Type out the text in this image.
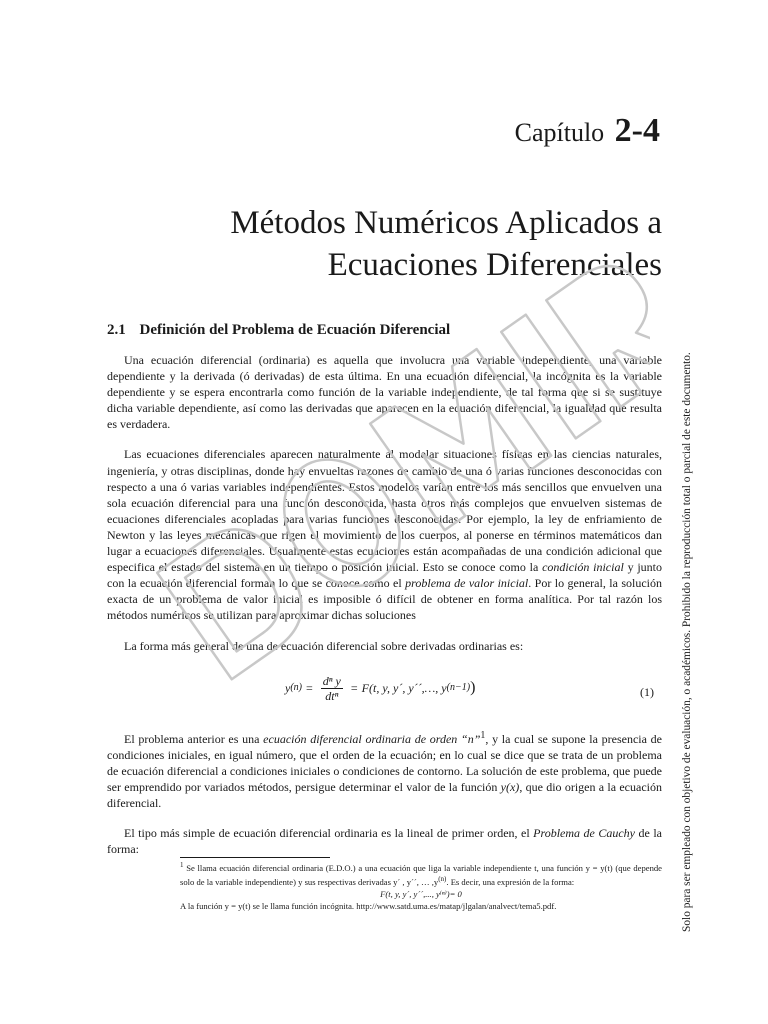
Capítulo 2-4
Métodos Numéricos Aplicados a
Ecuaciones Diferenciales
2.1 Definición del Problema de Ecuación Diferencial

Una ecuación diferencial (ordinaria) es aquella que involucra una variable independiente, una variable dependiente y la derivada (ó derivadas) de esta última. En una ecuación diferencial, la incógnita es la variable dependiente y se espera encontrarla como función de la variable independiente, de tal forma que si se sustituye dicha variable dependiente, así como las derivadas que aparecen en la ecuación diferencial, la igualdad que resulta es verdadera.

Las ecuaciones diferenciales aparecen naturalmente al modelar situaciones físicas en las ciencias naturales, ingeniería, y otras disciplinas, donde hay envueltas razones de cambio de una ó varias funciones desconocidas con respecto a una ó varias variables independientes. Estos modelos varían entre los más sencillos que envuelven una sola ecuación diferencial para una función desconocida, hasta otros más complejos que envuelven sistemas de ecuaciones diferenciales acopladas para varias funciones desconocidas. Por ejemplo, la ley de enfriamiento de Newton y las leyes mecánicas que rigen el movimiento de los cuerpos, al ponerse en términos matemáticos dan lugar a ecuaciones diferenciales. Usualmente estas ecuaciones están acompañadas de una condición adicional que especifica el estado del sistema en un tiempo o posición inicial. Esto se conoce como la condición inicial y junto con la ecuación diferencial forman lo que se conoce como el problema de valor inicial. Por lo general, la solución exacta de un problema de valor inicial es imposible ó difícil de obtener en forma analítica. Por tal razón los métodos numéricos se utilizan para aproximar dichas soluciones

La forma más general de una de ecuación diferencial sobre derivadas ordinarias es:

y $(n) = \frac{\text{dⁿ y}}{\text{dtⁿ}} = F(t$, y, y´, y´´,…, y (n−1) )	(1)

El problema anterior es una ecuación diferencial ordinaria de orden “n”$^1$, y la cual se supone la presencia de condiciones iniciales, en igual número, que el orden de la ecuación; en lo cual se dice que se trata de un problema de ecuación diferencial a condiciones iniciales o condiciones de contorno. La solución de este problema, que puede ser emprendido por variados métodos, persigue determinar el valor de la función y(x), que dio origen a la ecuación diferencial.

El tipo más simple de ecuación diferencial ordinaria es la lineal de primer orden, el Problema de Cauchy de la forma:

$^1$ Se llama ecuación diferencial ordinaria (E.D.O.) a una ecuación que liga la variable independiente t, una función y = y(t) (que depende solo de la variable independiente) y sus respectivas derivadas y´ , y´´, … $,y^{(n)}$. Es decir, una expresión de la forma:

F(t, y, y´, y´´,..., y⁽ⁿ⁾)= 0

A la función y = y(t) se le llama función incógnita. http://www.satd.uma.es/matap/jlgalan/analvect/tema5.pdf.	Solo para ser empleado con objetivo de evaluación, o académicos. Prohibido la reproducción total o parcial de este documento.
